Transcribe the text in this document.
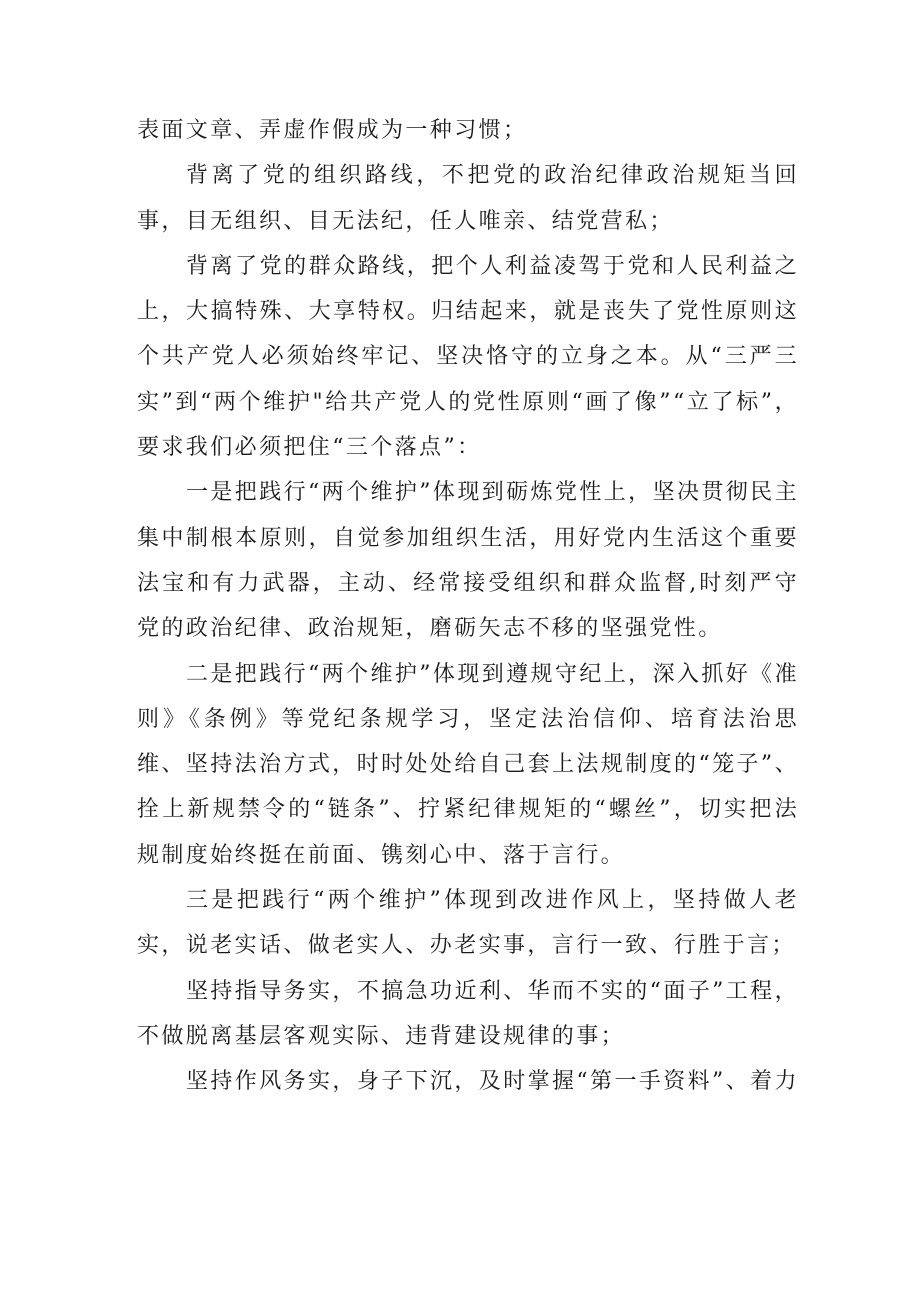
表面文章、弄虚作假成为一种习惯；

背离了党的组织路线，不把党的政治纪律政治规矩当回事，目无组织、目无法纪，任人唯亲、结党营私；

背离了党的群众路线，把个人利益凌驾于党和人民利益之上，大搞特殊、大享特权。归结起来，就是丧失了党性原则这个共产党人必须始终牢记、坚决恪守的立身之本。从“三严三实”到“两个维护"给共产党人的党性原则“画了像”“立了标”，要求我们必须把住“三个落点”：

一是把践行“两个维护”体现到砺炼党性上，坚决贯彻民主集中制根本原则，自觉参加组织生活，用好党内生活这个重要法宝和有力武器，主动、经常接受组织和群众监督,时刻严守党的政治纪律、政治规矩，磨砺矢志不移的坚强党性。

二是把践行“两个维护”体现到遵规守纪上，深入抓好《准则》《条例》等党纪条规学习，坚定法治信仰、培育法治思维、坚持法治方式，时时处处给自己套上法规制度的“笼子”、拴上新规禁令的“链条”、拧紧纪律规矩的“螺丝”，切实把法规制度始终挺在前面、镌刻心中、落于言行。

三是把践行“两个维护”体现到改进作风上，坚持做人老实，说老实话、做老实人、办老实事，言行一致、行胜于言；

坚持指导务实，不搞急功近利、华而不实的“面子”工程，不做脱离基层客观实际、违背建设规律的事；

坚持作风务实，身子下沉，及时掌握“第一手资料”、着力
